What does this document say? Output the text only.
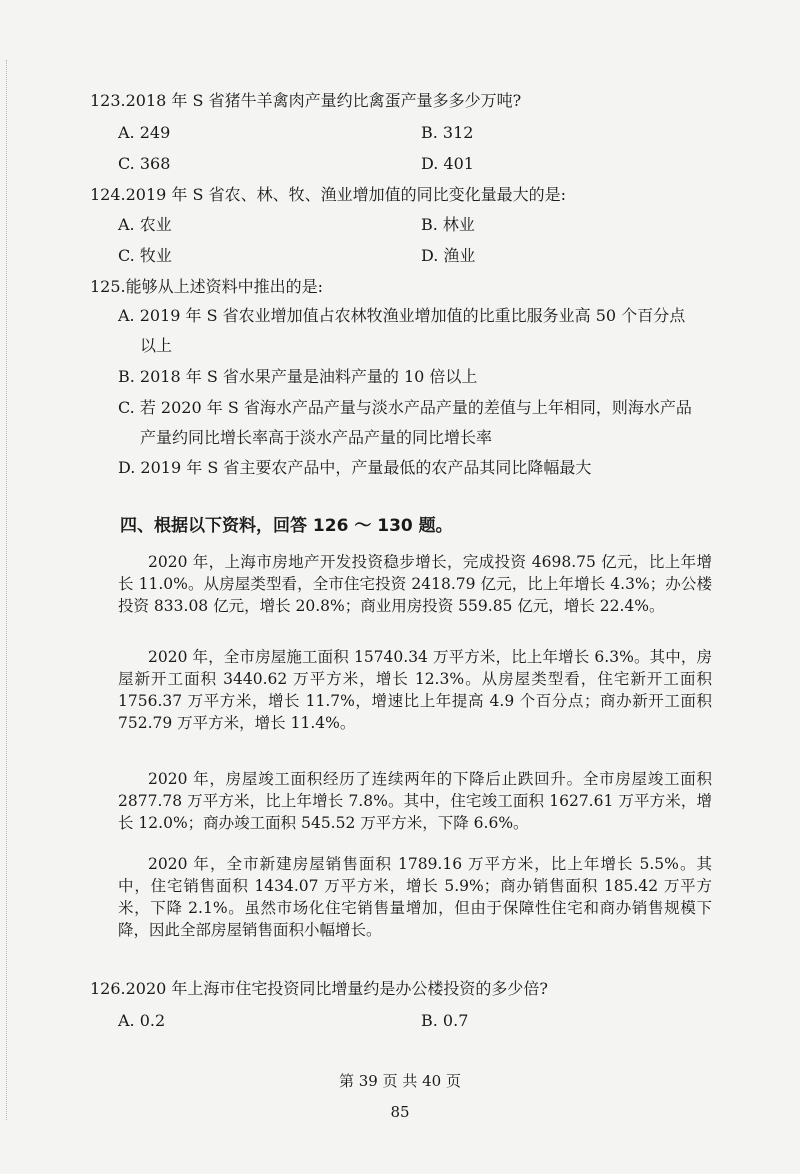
123.2018 年 S 省猪牛羊禽肉产量约比禽蛋产量多多少万吨?
A. 249	B. 312
C. 368	D. 401
124.2019 年 S 省农、林、牧、渔业增加值的同比变化量最大的是:
A. 农业	B. 林业
C. 牧业	D. 渔业
125.能够从上述资料中推出的是:
A. 2019 年 S 省农业增加值占农林牧渔业增加值的比重比服务业高 50 个百分点
以上
B. 2018 年 S 省水果产量是油料产量的 10 倍以上
C. 若 2020 年 S 省海水产品产量与淡水产品产量的差值与上年相同，则海水产品
产量约同比增长率高于淡水产品产量的同比增长率
D. 2019 年 S 省主要农产品中，产量最低的农产品其同比降幅最大
四、根据以下资料，回答 126 ～ 130 题。
2020 年，上海市房地产开发投资稳步增长，完成投资 4698.75 亿元，比上年增长 11.0%。从房屋类型看，全市住宅投资 2418.79 亿元，比上年增长 4.3%；办公楼投资 833.08 亿元，增长 20.8%；商业用房投资 559.85 亿元，增长 22.4%。
2020 年，全市房屋施工面积 15740.34 万平方米，比上年增长 6.3%。其中，房屋新开工面积 3440.62 万平方米，增长 12.3%。从房屋类型看，住宅新开工面积 1756.37 万平方米，增长 11.7%，增速比上年提高 4.9 个百分点；商办新开工面积 752.79 万平方米，增长 11.4%。
2020 年，房屋竣工面积经历了连续两年的下降后止跌回升。全市房屋竣工面积 2877.78 万平方米，比上年增长 7.8%。其中，住宅竣工面积 1627.61 万平方米，增长 12.0%；商办竣工面积 545.52 万平方米，下降 6.6%。
2020 年，全市新建房屋销售面积 1789.16 万平方米，比上年增长 5.5%。其中，住宅销售面积 1434.07 万平方米，增长 5.9%；商办销售面积 185.42 万平方米，下降 2.1%。虽然市场化住宅销售量增加，但由于保障性住宅和商办销售规模下降，因此全部房屋销售面积小幅增长。
126.2020 年上海市住宅投资同比增量约是办公楼投资的多少倍?
A. 0.2	B. 0.7
第 39 页 共 40 页
85
